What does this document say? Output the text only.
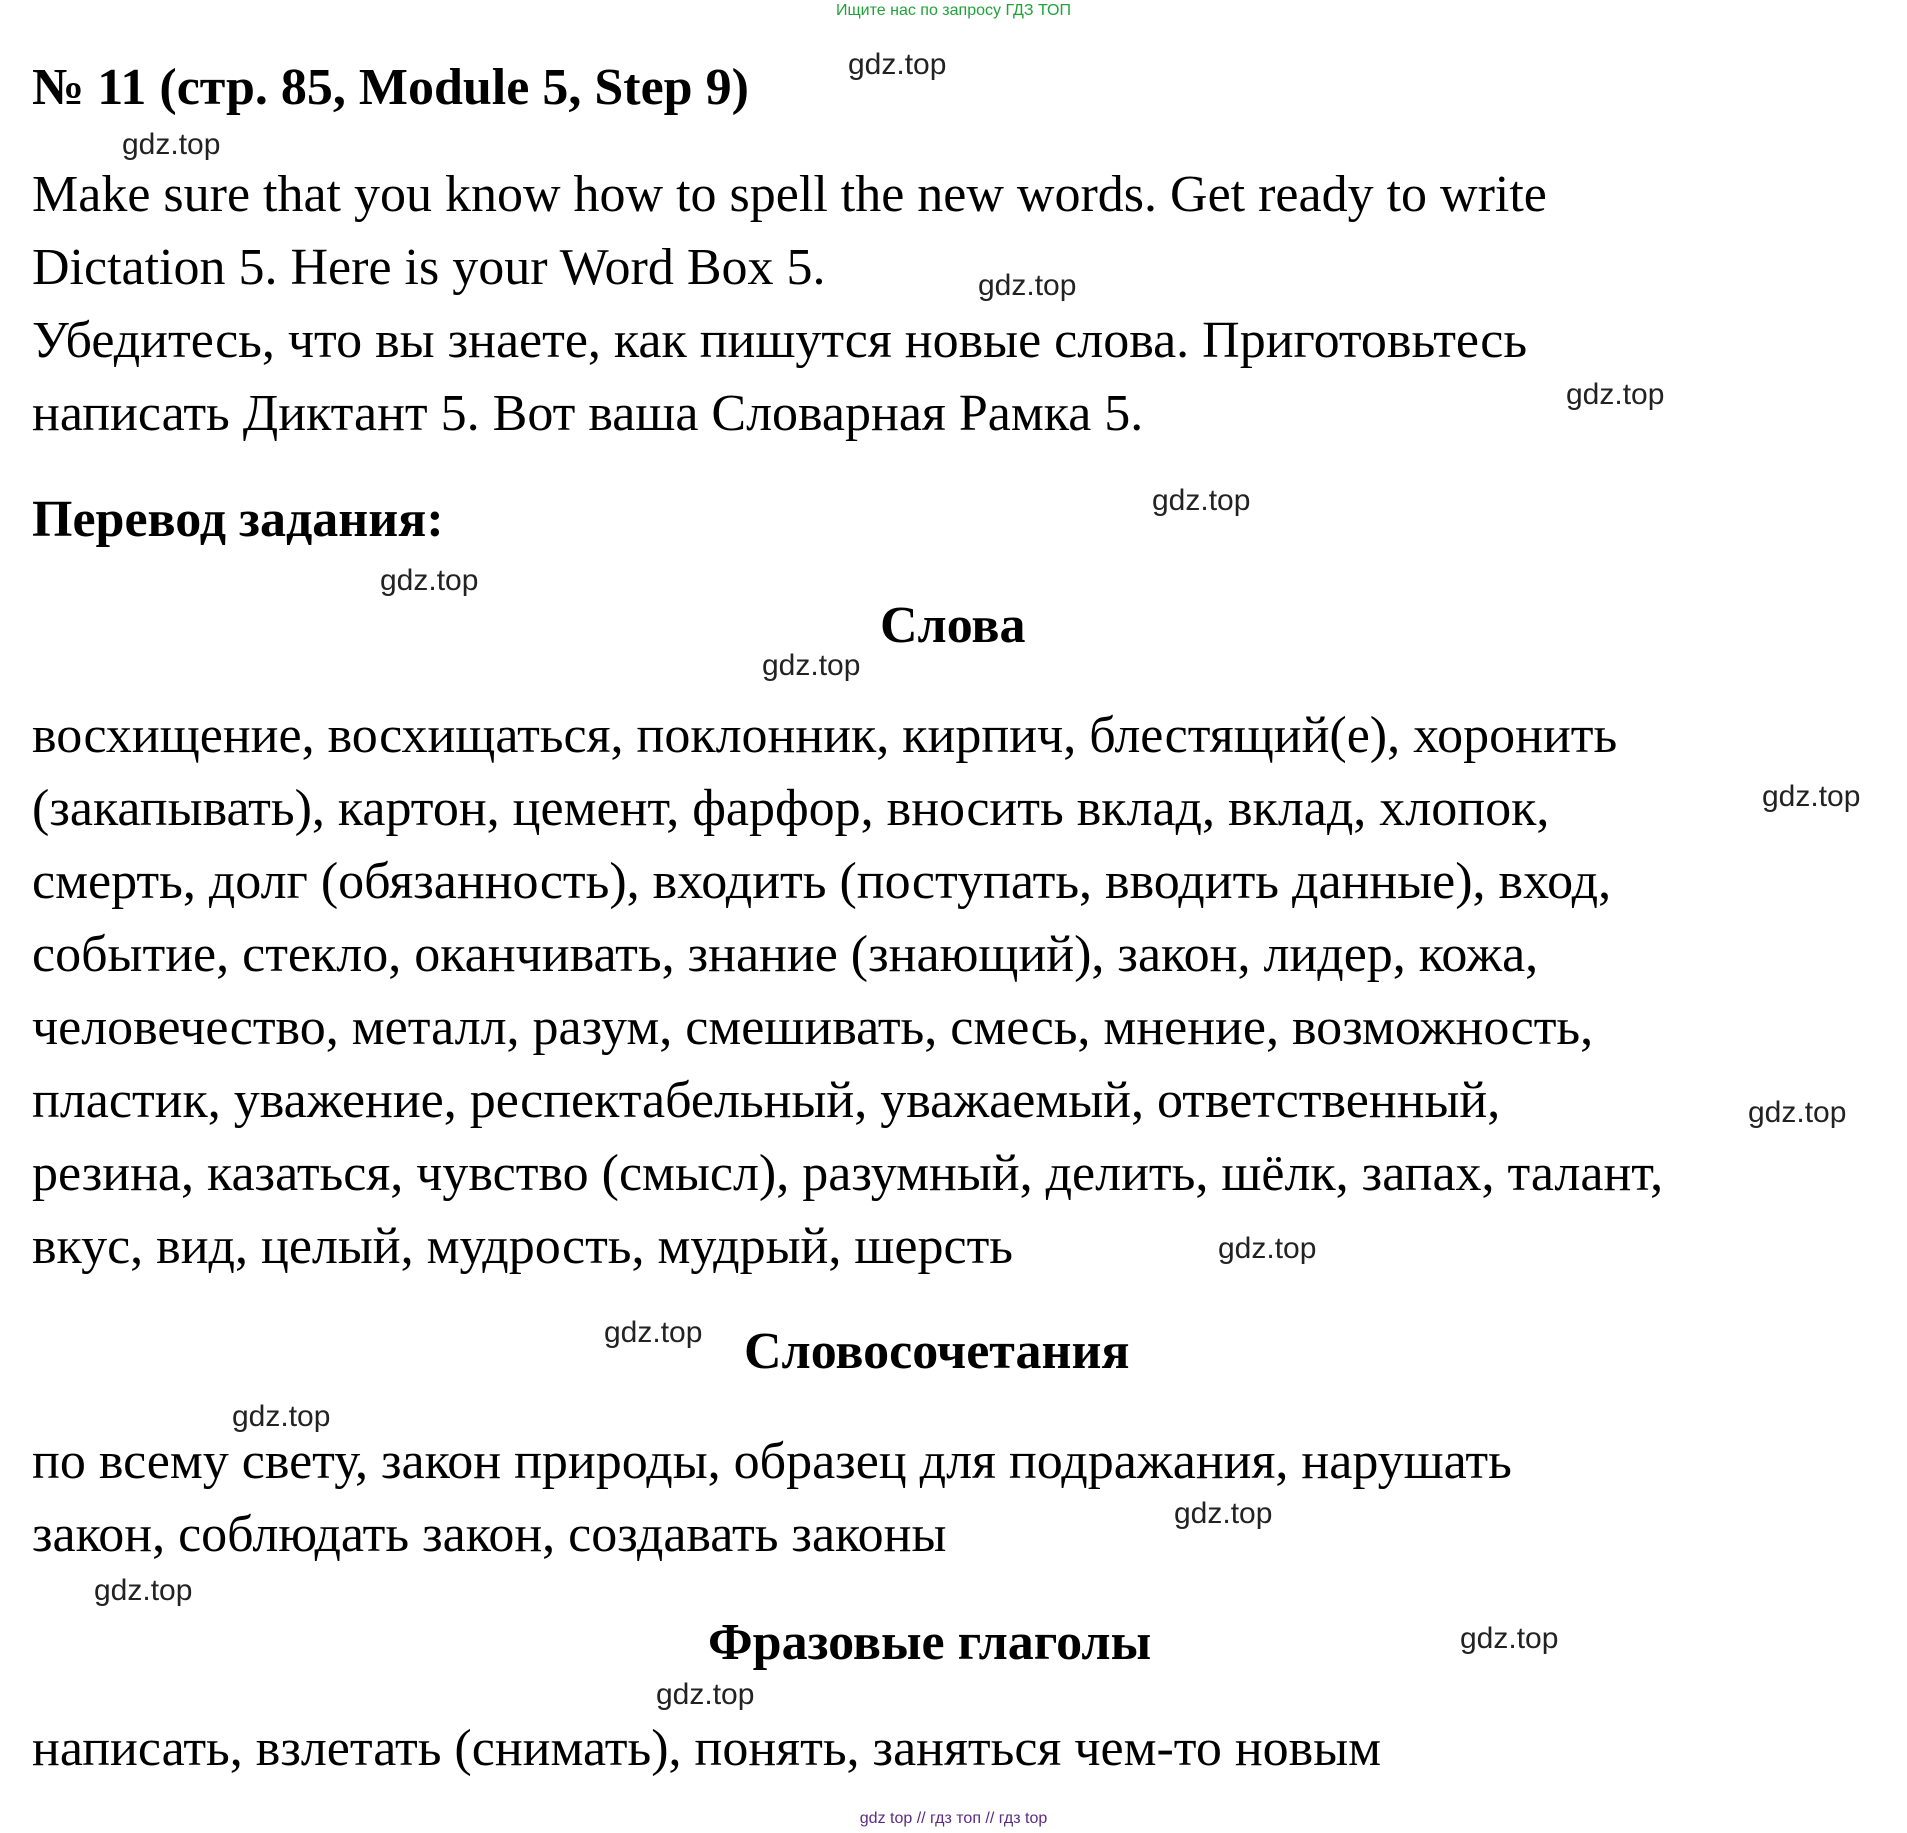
Ищите нас по запросу ГДЗ ТОП
№ 11 (стр. 85, Module 5, Step 9)
Make sure that you know how to spell the new words. Get ready to write
Dictation 5. Here is your Word Box 5.
Убедитесь, что вы знаете, как пишутся новые слова. Приготовьтесь
написать Диктант 5. Вот ваша Словарная Рамка 5.
Перевод задания:
Слова
восхищение, восхищаться, поклонник, кирпич, блестящий(е), хоронить
(закапывать), картон, цемент, фарфор, вносить вклад, вклад, хлопок,
смерть, долг (обязанность), входить (поступать, вводить данные), вход,
событие, стекло, оканчивать, знание (знающий), закон, лидер, кожа,
человечество, металл, разум, смешивать, смесь, мнение, возможность,
пластик, уважение, респектабельный, уважаемый, ответственный,
резина, казаться, чувство (смысл), разумный, делить, шёлк, запах, талант,
вкус, вид, целый, мудрость, мудрый, шерсть
Словосочетания
по всему свету, закон природы, образец для подражания, нарушать
закон, соблюдать закон, создавать законы
Фразовые глаголы
написать, взлетать (снимать), понять, заняться чем-то новым
gdz.top
gdz.top
gdz.top
gdz.top
gdz.top
gdz.top
gdz.top
gdz.top
gdz.top
gdz.top
gdz.top
gdz.top
gdz.top
gdz.top
gdz.top
gdz.top
gdz top // гдз топ // гдз top
